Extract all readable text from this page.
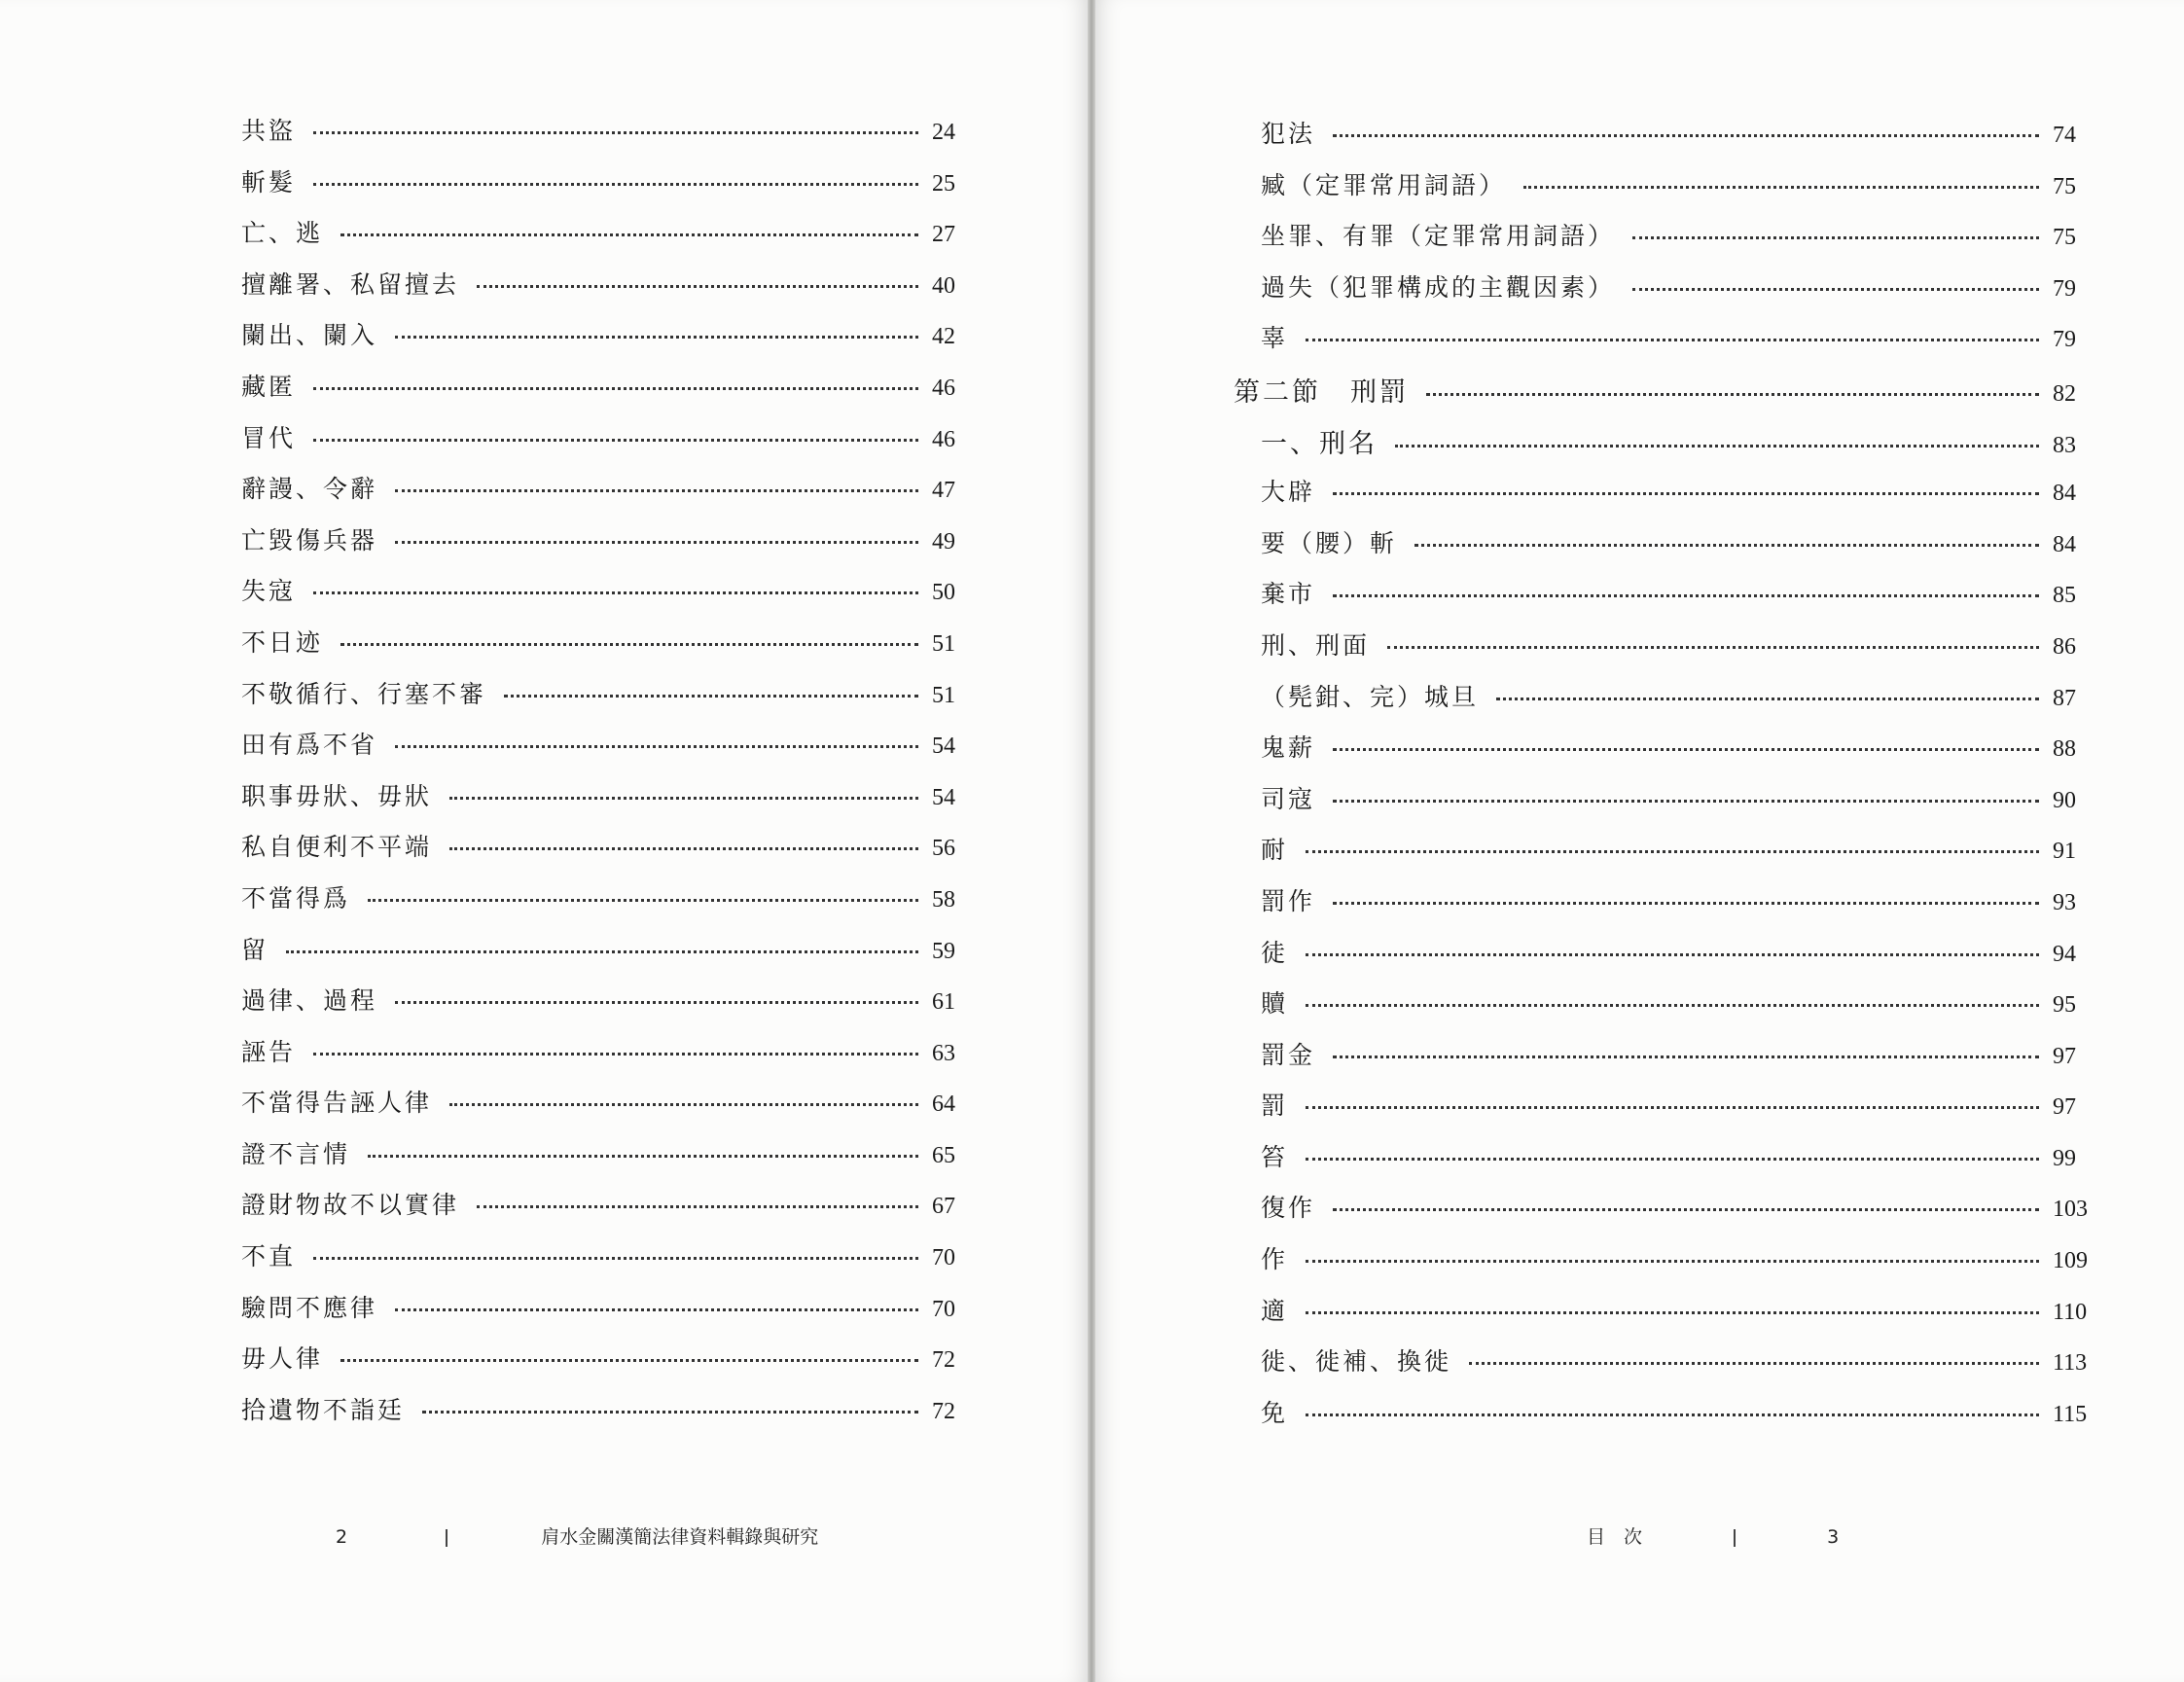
共盜	24
斬髮	25
亡、逃	27
擅離署、私留擅去	40
闌出、闌入	42
藏匿	46
冒代	46
辭謾、令辭	47
亡毀傷兵器	49
失寇	50
不日迹	51
不敬循行、行塞不審	51
田有爲不省	54
职事毋狀、毋狀	54
私自便利不平端	56
不當得爲	58
留	59
過律、過程	61
誣告	63
不當得告誣人律	64
證不言情	65
證財物故不以實律	67
不直	70
驗問不應律	70
毋人律	72
拾遺物不詣廷	72
2	肩水金關漢簡法律資料輯錄與研究
犯法	74
臧（定罪常用詞語）	75
坐罪、有罪（定罪常用詞語）	75
過失（犯罪構成的主觀因素）	79
辜	79
第二節　刑罰	82
一、刑名	83
大辟	84
要（腰）斬	84
棄市	85
刑、刑面	86
（髡鉗、完）城旦	87
鬼薪	88
司寇	90
耐	91
罰作	93
徒	94
贖	95
罰金	97
罰	97
笞	99
復作	103
作	109
適	110
徙、徙補、換徙	113
免	115
目　次	3
